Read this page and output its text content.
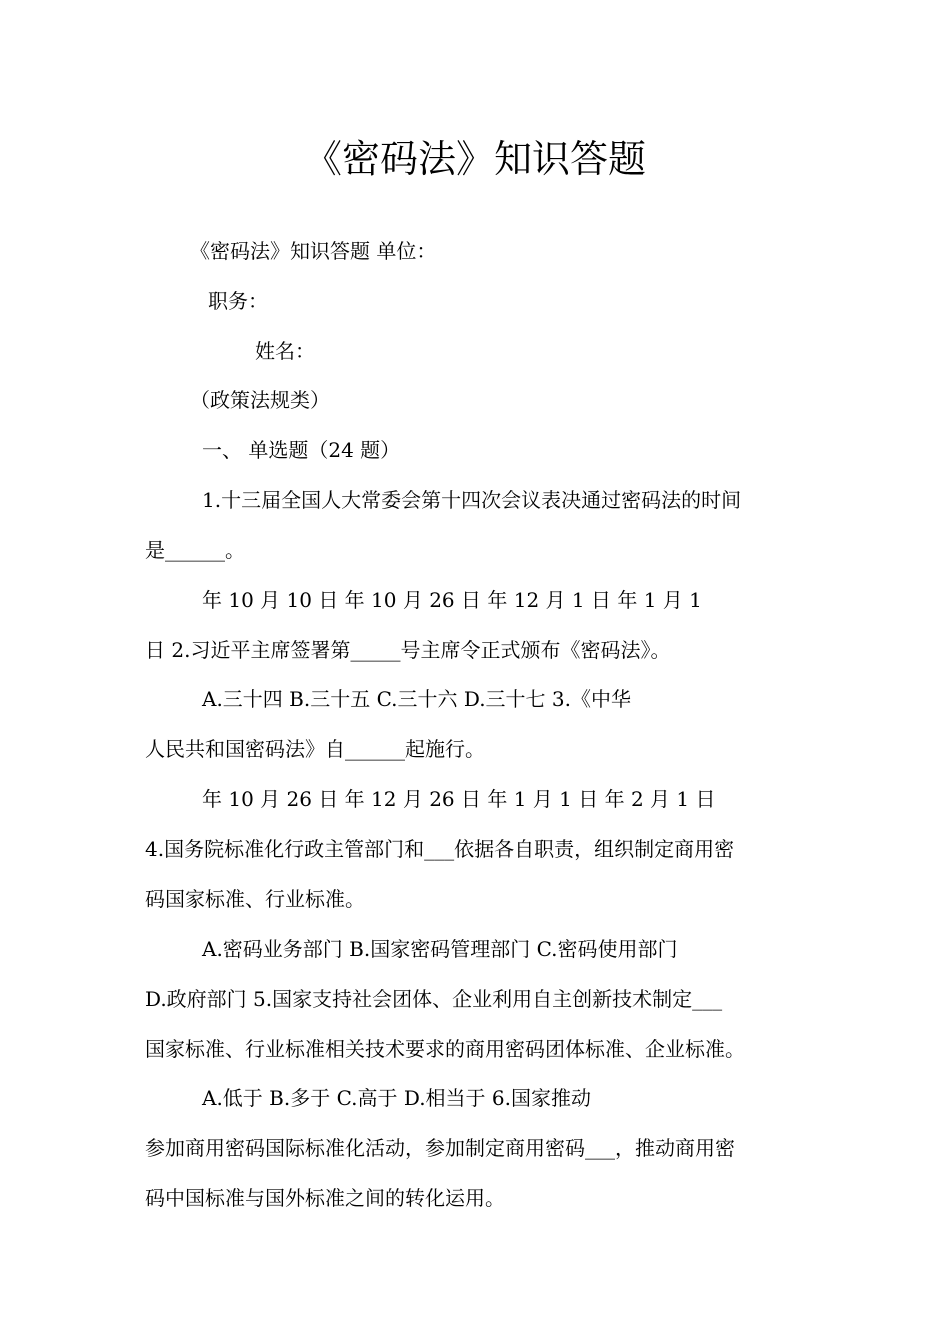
《密码法》知识答题
《密码法》知识答题 单位：
职务：
姓名：
（政策法规类）
一、 单选题（24 题）
1.十三届全国人大常委会第十四次会议表决通过密码法的时间
是______。
年 10 月 10 日 年 10 月 26 日 年 12 月 1 日 年 1 月 1
日 2.习近平主席签署第_____号主席令正式颁布《密码法》。
A.三十四 B.三十五 C.三十六 D.三十七 3.《中华
人民共和国密码法》自______起施行。
年 10 月 26 日 年 12 月 26 日 年 1 月 1 日 年 2 月 1 日
4.国务院标准化行政主管部门和___依据各自职责，组织制定商用密
码国家标准、行业标准。
A.密码业务部门 B.国家密码管理部门 C.密码使用部门
D.政府部门 5.国家支持社会团体、企业利用自主创新技术制定___
国家标准、行业标准相关技术要求的商用密码团体标准、企业标准。
A.低于 B.多于 C.高于 D.相当于 6.国家推动
参加商用密码国际标准化活动，参加制定商用密码___，推动商用密
码中国标准与国外标准之间的转化运用。
